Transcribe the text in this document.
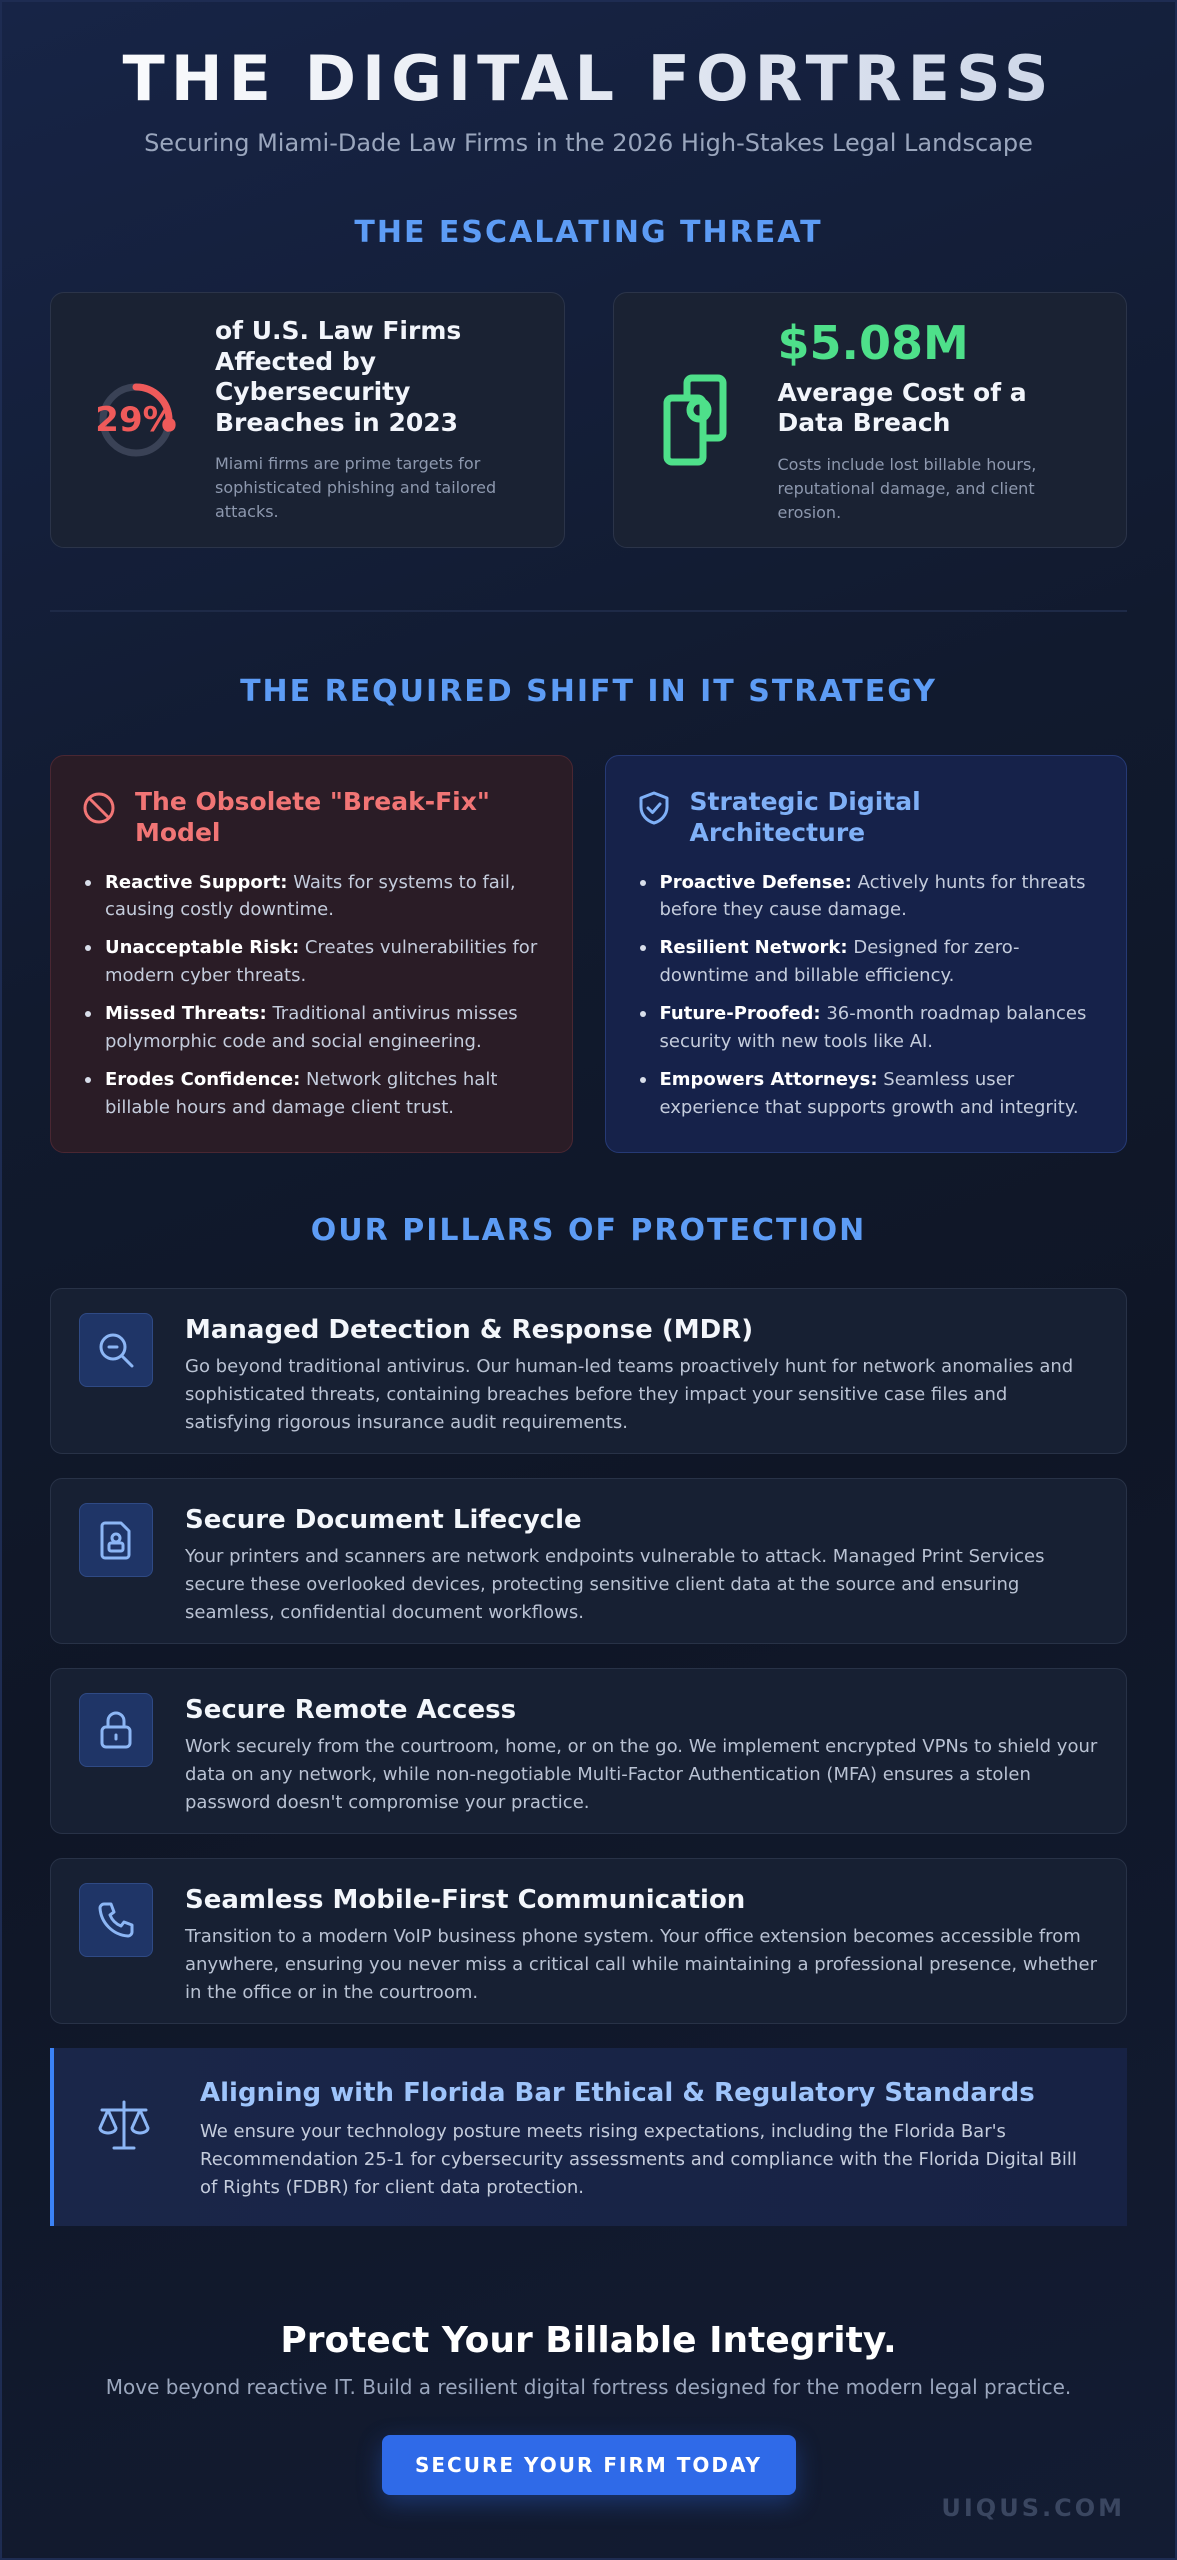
THE DIGITAL FORTRESS

Securing Miami-Dade Law Firms in the 2026 High-Stakes Legal Landscape

THE ESCALATING THREAT
29%
of U.S. Law Firms Affected by Cybersecurity Breaches in 2023
Miami firms are prime targets for sophisticated phishing and tailored attacks.
$5.08M
Average Cost of a Data Breach
Costs include lost billable hours, reputational damage, and client erosion.
THE REQUIRED SHIFT IN IT STRATEGY
The Obsolete "Break-Fix" Model
Reactive Support: Waits for systems to fail, causing costly downtime.
Unacceptable Risk: Creates vulnerabilities for modern cyber threats.
Missed Threats: Traditional antivirus misses polymorphic code and social engineering.
Erodes Confidence: Network glitches halt billable hours and damage client trust.
Strategic Digital Architecture
Proactive Defense: Actively hunts for threats before they cause damage.
Resilient Network: Designed for zero-downtime and billable efficiency.
Future-Proofed: 36-month roadmap balances security with new tools like AI.
Empowers Attorneys: Seamless user experience that supports growth and integrity.
OUR PILLARS OF PROTECTION
Managed Detection & Response (MDR)
Go beyond traditional antivirus. Our human-led teams proactively hunt for network anomalies and sophisticated threats, containing breaches before they impact your sensitive case files and satisfying rigorous insurance audit requirements.
Secure Document Lifecycle
Your printers and scanners are network endpoints vulnerable to attack. Managed Print Services secure these overlooked devices, protecting sensitive client data at the source and ensuring seamless, confidential document workflows.
Secure Remote Access
Work securely from the courtroom, home, or on the go. We implement encrypted VPNs to shield your data on any network, while non-negotiable Multi-Factor Authentication (MFA) ensures a stolen password doesn't compromise your practice.
Seamless Mobile-First Communication
Transition to a modern VoIP business phone system. Your office extension becomes accessible from anywhere, ensuring you never miss a critical call while maintaining a professional presence, whether in the office or in the courtroom.
Aligning with Florida Bar Ethical & Regulatory Standards
We ensure your technology posture meets rising expectations, including the Florida Bar's Recommendation 25-1 for cybersecurity assessments and compliance with the Florida Digital Bill of Rights (FDBR) for client data protection.
Protect Your Billable Integrity.
Move beyond reactive IT. Build a resilient digital fortress designed for the modern legal practice.
SECURE YOUR FIRM TODAY
UIQUS.COM
